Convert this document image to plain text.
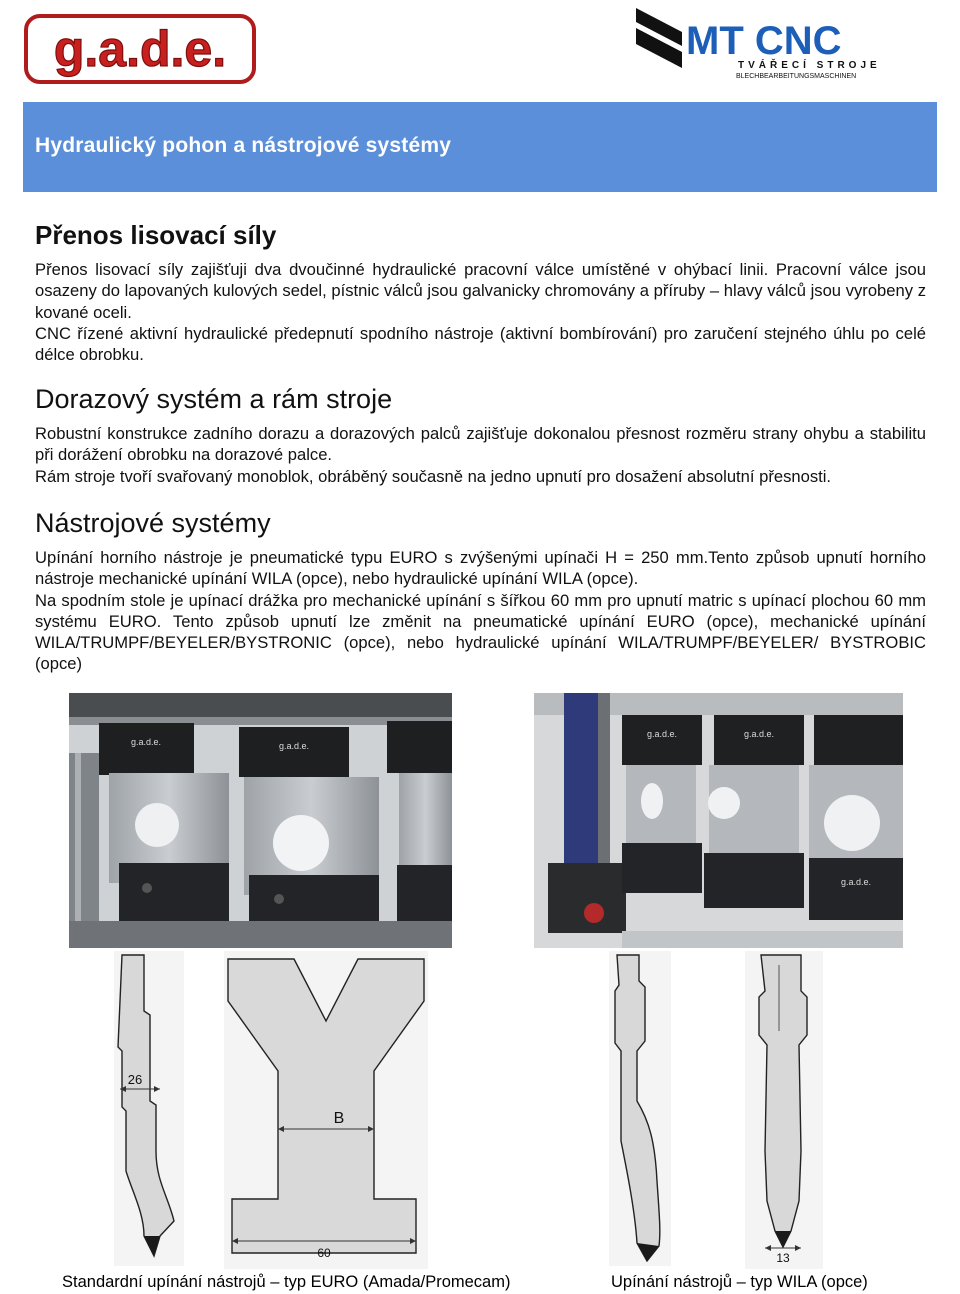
g.a.d.e.	MT CNC
TVÁŘECÍ STROJE
BLECHBEARBEITUNGSMASCHINEN
Hydraulický pohon a nástrojové systémy
Přenos lisovací síly

Přenos lisovací síly zajišťuji dva dvoučinné hydraulické pracovní válce umístěné v ohýbací linii. Pracovní válce jsou osazeny do lapovaných kulových sedel, pístnic válců jsou galvanicky chromovány a příruby – hlavy válců jsou vyrobeny z kované oceli.

CNC řízené aktivní hydraulické předepnutí spodního nástroje (aktivní bombírování) pro zaručení stejného úhlu po celé délce obrobku.

Dorazový systém a rám stroje

Robustní konstrukce zadního dorazu a dorazových palců zajišťuje dokonalou přesnost rozměru strany ohybu a stabilitu při dorážení obrobku na dorazové palce.

Rám stroje tvoří svařovaný monoblok, obráběný současně na jedno upnutí pro dosažení absolutní přesnosti.

Nástrojové systémy

Upínání horního nástroje je pneumatické typu EURO s zvýšenými upínači H = 250 mm.Tento způsob upnutí horního nástroje mechanické upínání WILA (opce), nebo hydraulické upínání WILA (opce).

Na spodním stole je upínací drážka pro mechanické upínání s šířkou 60 mm pro upnutí matric s upínací plochou 60 mm systému EURO. Tento způsob upnutí lze změnit na pneumatické upínání EURO (opce), mechanické upínání WILA/TRUMPF/BEYELER/BYSTRONIC (opce), nebo hydraulické upínání WILA/TRUMPF/BEYELER/ BYSTROBIC (opce)

g.a.d.e.	g.a.d.e.
g.a.d.e.	g.a.d.e.
g.a.d.e.
26
B
60	13
Standardní upínání nástrojů – typ EURO (Amada/Promecam)	Upínání nástrojů – typ WILA (opce)
